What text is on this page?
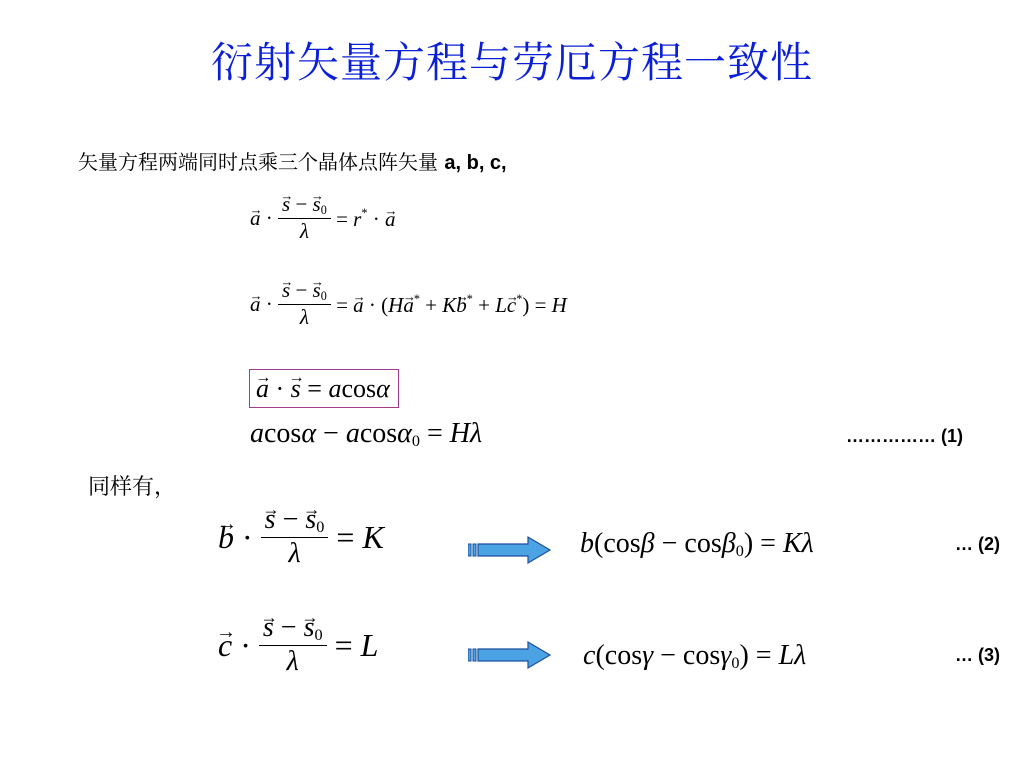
衍射矢量方程与劳厄方程一致性
矢量方程两端同时点乘三个晶体点阵矢量 a, b, c,
→ a · → $\frac{s - \to s_0}{\lambda} = r^*$ · → a
→ a · → $\frac{s - \to s_0}{\lambda}$ = → a · (H→ a* + K→ b* + L→ c*) = H
→ a · → s = acosα
acosα − acosα$_0$ = Hλ	…………… (1)
同样有，
→ b · → $\frac{s - \to s_0}{\lambda} = K$	b(cosβ − cosβ$_0$) = Kλ	… (2)
→ c · → $\frac{s - \to s_0}{\lambda} = L$	c(cosγ − cosγ$_0$) = Lλ	… (3)
